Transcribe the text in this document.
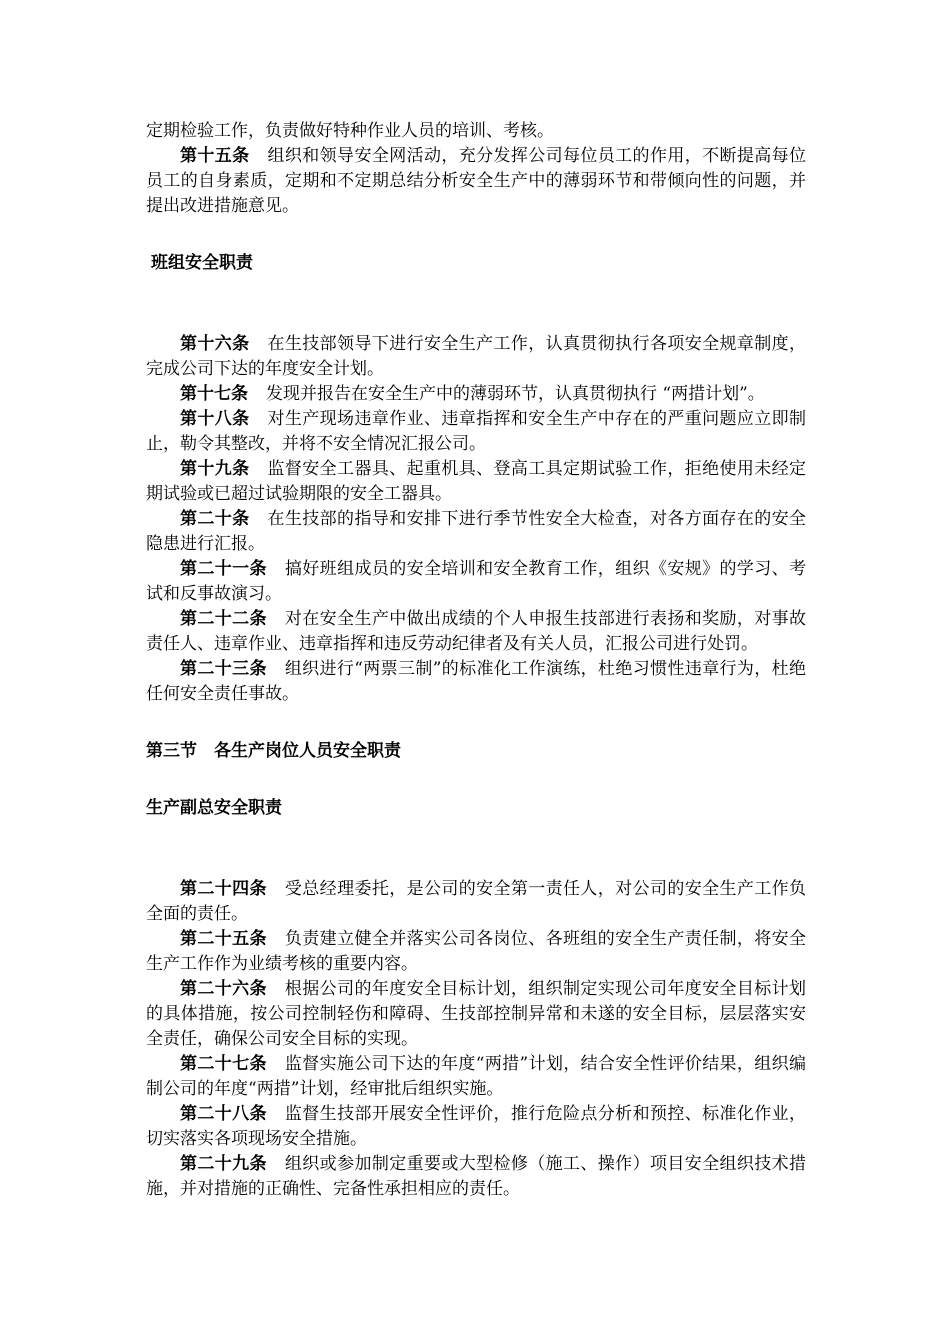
定期检验工作，负责做好特种作业人员的培训、考核。

第十五条 组织和领导安全网活动，充分发挥公司每位员工的作用，不断提高每位员工的自身素质，定期和不定期总结分析安全生产中的薄弱环节和带倾向性的问题，并提出改进措施意见。

班组安全职责

第十六条 在生技部领导下进行安全生产工作，认真贯彻执行各项安全规章制度，完成公司下达的年度安全计划。

第十七条 发现并报告在安全生产中的薄弱环节，认真贯彻执行 “两措计划”。

第十八条 对生产现场违章作业、违章指挥和安全生产中存在的严重问题应立即制止，勒令其整改，并将不安全情况汇报公司。

第十九条 监督安全工器具、起重机具、登高工具定期试验工作，拒绝使用未经定期试验或已超过试验期限的安全工器具。

第二十条 在生技部的指导和安排下进行季节性安全大检查，对各方面存在的安全隐患进行汇报。

第二十一条 搞好班组成员的安全培训和安全教育工作，组织《安规》的学习、考试和反事故演习。

第二十二条 对在安全生产中做出成绩的个人申报生技部进行表扬和奖励，对事故责任人、违章作业、违章指挥和违反劳动纪律者及有关人员，汇报公司进行处罚。

第二十三条 组织进行“两票三制”的标准化工作演练，杜绝习惯性违章行为，杜绝任何安全责任事故。

第三节　各生产岗位人员安全职责
生产副总安全职责

第二十四条 受总经理委托，是公司的安全第一责任人，对公司的安全生产工作负全面的责任。

第二十五条 负责建立健全并落实公司各岗位、各班组的安全生产责任制，将安全生产工作作为业绩考核的重要内容。

第二十六条 根据公司的年度安全目标计划，组织制定实现公司年度安全目标计划的具体措施，按公司控制轻伤和障碍、生技部控制异常和未遂的安全目标，层层落实安全责任，确保公司安全目标的实现。

第二十七条 监督实施公司下达的年度“两措”计划，结合安全性评价结果，组织编制公司的年度“两措”计划，经审批后组织实施。

第二十八条 监督生技部开展安全性评价，推行危险点分析和预控、标准化作业，切实落实各项现场安全措施。

第二十九条 组织或参加制定重要或大型检修（施工、操作）项目安全组织技术措施，并对措施的正确性、完备性承担相应的责任。
